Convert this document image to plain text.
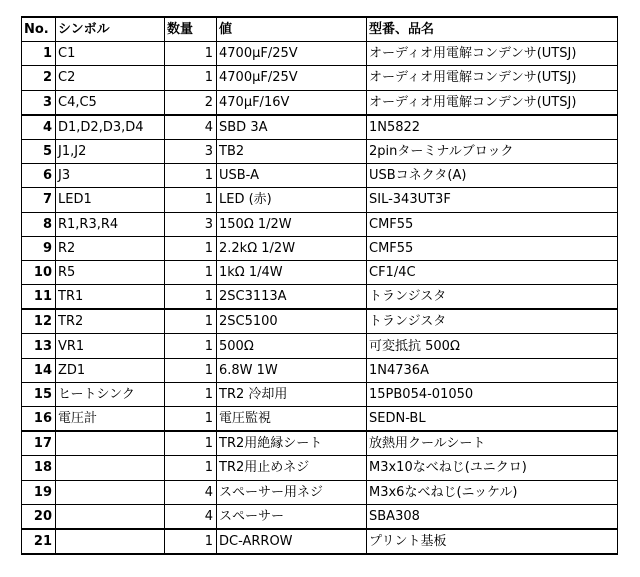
No.	シンボル	数量	値	型番、品名
1	C1	1	4700μF/25V	オーディオ用電解コンデンサ(UTSJ)
2	C2	1	4700μF/25V	オーディオ用電解コンデンサ(UTSJ)
3	C4,C5	2	470μF/16V	オーディオ用電解コンデンサ(UTSJ)
4	D1,D2,D3,D4	4	SBD 3A	1N5822
5	J1,J2	3	TB2	2pinターミナルブロック
6	J3	1	USB-A	USBコネクタ(A)
7	LED1	1	LED (赤)	SIL-343UT3F
8	R1,R3,R4	3	150Ω 1/2W	CMF55
9	R2	1	2.2kΩ 1/2W	CMF55
10	R5	1	1kΩ 1/4W	CF1/4C
11	TR1	1	2SC3113A	トランジスタ
12	TR2	1	2SC5100	トランジスタ
13	VR1	1	500Ω	可変抵抗 500Ω
14	ZD1	1	6.8W 1W	1N4736A
15	ヒートシンク	1	TR2 冷却用	15PB054-01050
16	電圧計	1	電圧監視	SEDN-BL
17		1	TR2用絶縁シート	放熱用クールシート
18		1	TR2用止めネジ	M3x10なべねじ(ユニクロ)
19		4	スペーサー用ネジ	M3x6なべねじ(ニッケル)
20		4	スペーサー	SBA308
21		1	DC-ARROW	プリント基板
